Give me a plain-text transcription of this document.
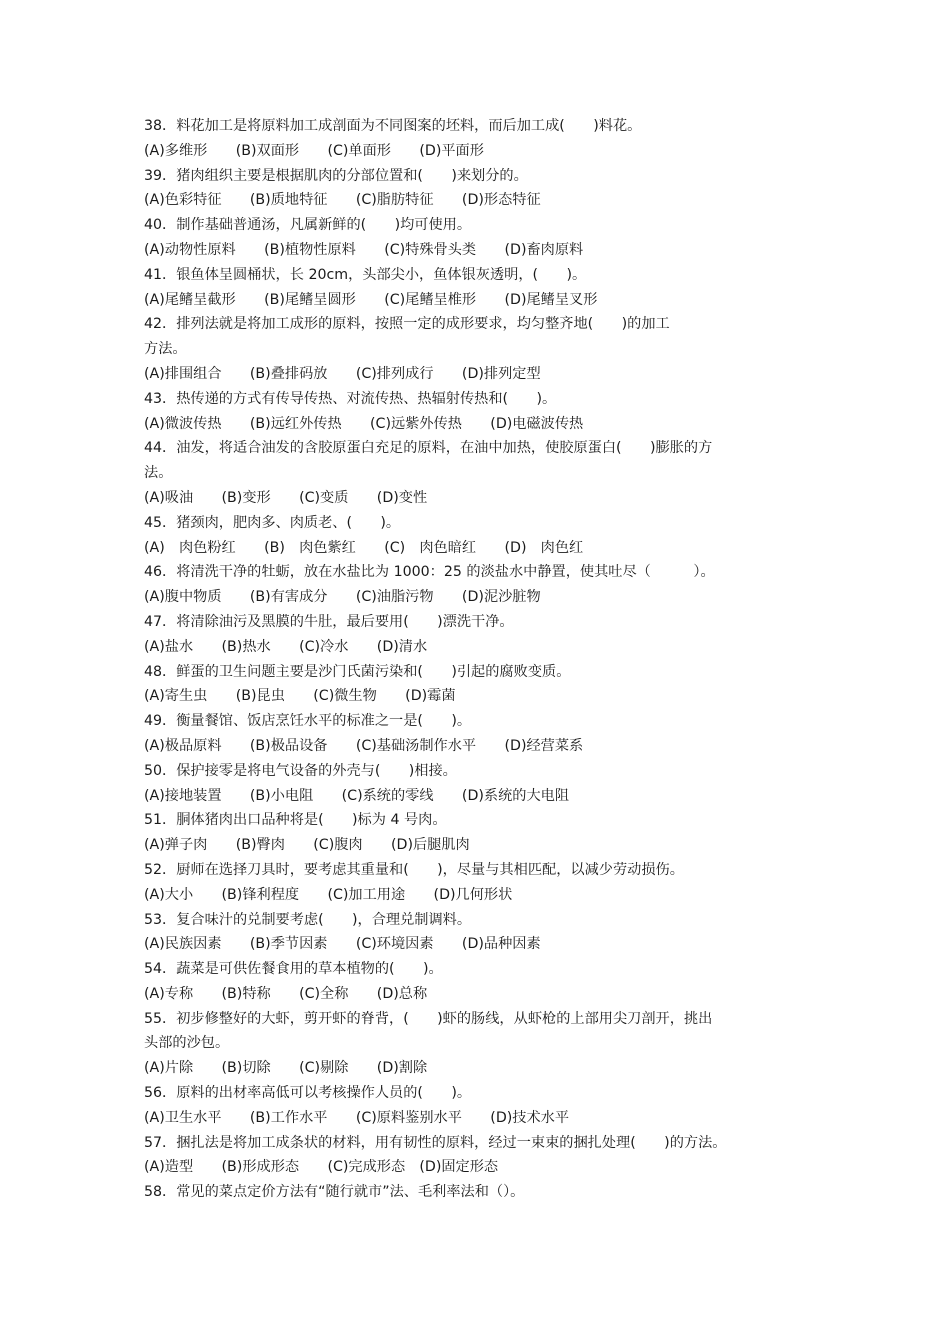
38．料花加工是将原料加工成剖面为不同图案的坯料，而后加工成(　　)料花。
(A)多维形　　(B)双面形　　(C)单面形　　(D)平面形
39．猪肉组织主要是根据肌肉的分部位置和(　　)来划分的。
(A)色彩特征　　(B)质地特征　　(C)脂肪特征　　(D)形态特征
40．制作基础普通汤，凡属新鲜的(　　)均可使用。
(A)动物性原料　　(B)植物性原料　　(C)特殊骨头类　　(D)畜肉原料
41．银鱼体呈圆桶状，长 20cm，头部尖小，鱼体银灰透明，(　　)。
(A)尾鳍呈截形　　(B)尾鳍呈圆形　　(C)尾鳍呈椎形　　(D)尾鳍呈叉形
42．排列法就是将加工成形的原料，按照一定的成形要求，均匀整齐地(　　)的加工
方法。
(A)排围组合　　(B)叠排码放　　(C)排列成行　　(D)排列定型
43．热传递的方式有传导传热、对流传热、热辐射传热和(　　)。
(A)微波传热　　(B)远红外传热　　(C)远紫外传热　　(D)电磁波传热
44．油发，将适合油发的含胶原蛋白充足的原料，在油中加热，使胶原蛋白(　　)膨胀的方
法。
(A)吸油　　(B)变形　　(C)变质　　(D)变性
45．猪颈肉，肥肉多、肉质老、(　　)。
(A)　肉色粉红　　(B)　肉色紫红　　(C)　肉色暗红　　(D)　肉色红
46．将清洗干净的牡蛎，放在水盐比为 1000：25 的淡盐水中静置，使其吐尽（　　　）。
(A)腹中物质　　(B)有害成分　　(C)油脂污物　　(D)泥沙脏物
47．将清除油污及黑膜的牛肚，最后要用(　　)漂洗干净。
(A)盐水　　(B)热水　　(C)冷水　　(D)清水
48．鲜蛋的卫生问题主要是沙门氏菌污染和(　　)引起的腐败变质。
(A)寄生虫　　(B)昆虫　　(C)微生物　　(D)霉菌
49．衡量餐馆、饭店烹饪水平的标准之一是(　　)。
(A)极品原料　　(B)极品设备　　(C)基础汤制作水平　　(D)经营菜系
50．保护接零是将电气设备的外壳与(　　)相接。
(A)接地装置　　(B)小电阻　　(C)系统的零线　　(D)系统的大电阻
51．胴体猪肉出口品种将是(　　)标为 4 号肉。
(A)弹子肉　　(B)臀肉　　(C)腹肉　　(D)后腿肌肉
52．厨师在选择刀具时，要考虑其重量和(　　)，尽量与其相匹配，以减少劳动损伤。
(A)大小　　(B)锋利程度　　(C)加工用途　　(D)几何形状
53．复合味汁的兑制要考虑(　　)，合理兑制调料。
(A)民族因素　　(B)季节因素　　(C)环境因素　　(D)品种因素
54．蔬菜是可供佐餐食用的草本植物的(　　)。
(A)专称　　(B)特称　　(C)全称　　(D)总称
55．初步修整好的大虾，剪开虾的脊背，(　　)虾的肠线，从虾枪的上部用尖刀剖开，挑出
头部的沙包。
(A)片除　　(B)切除　　(C)剔除　　(D)割除
56．原料的出材率高低可以考核操作人员的(　　)。
(A)卫生水平　　(B)工作水平　　(C)原料鉴别水平　　(D)技术水平
57．捆扎法是将加工成条状的材料，用有韧性的原料，经过一束束的捆扎处理(　　)的方法。
(A)造型　　(B)形成形态　　(C)完成形态　(D)固定形态
58．常见的菜点定价方法有“随行就市”法、毛利率法和（）。
